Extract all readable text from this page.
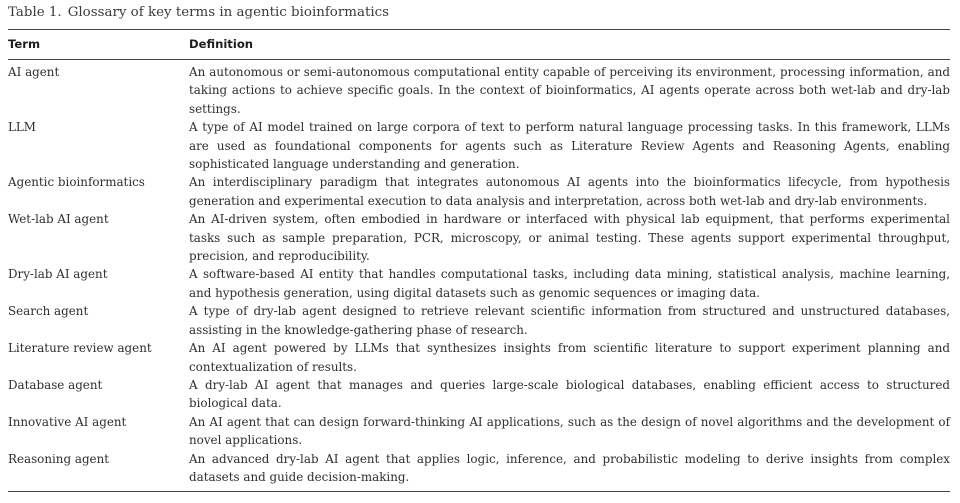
Table 1. Glossary of key terms in agentic bioinformatics
Term	Definition
AI agent	An autonomous or semi-autonomous computational entity capable of perceiving its environment, processing information, and taking actions to achieve specific goals. In the context of bioinformatics, AI agents operate across both wet-lab and dry-lab settings.
LLM	A type of AI model trained on large corpora of text to perform natural language processing tasks. In this framework, LLMs are used as foundational components for agents such as Literature Review Agents and Reasoning Agents, enabling sophisticated language understanding and generation.
Agentic bioinformatics	An interdisciplinary paradigm that integrates autonomous AI agents into the bioinformatics lifecycle, from hypothesis generation and experimental execution to data analysis and interpretation, across both wet-lab and dry-lab environments.
Wet-lab AI agent	An AI-driven system, often embodied in hardware or interfaced with physical lab equipment, that performs experimental tasks such as sample preparation, PCR, microscopy, or animal testing. These agents support experimental throughput, precision, and reproducibility.
Dry-lab AI agent	A software-based AI entity that handles computational tasks, including data mining, statistical analysis, machine learning, and hypothesis generation, using digital datasets such as genomic sequences or imaging data.
Search agent	A type of dry-lab agent designed to retrieve relevant scientific information from structured and unstructured databases, assisting in the knowledge-gathering phase of research.
Literature review agent	An AI agent powered by LLMs that synthesizes insights from scientific literature to support experiment planning and contextualization of results.
Database agent	A dry-lab AI agent that manages and queries large-scale biological databases, enabling efficient access to structured biological data.
Innovative AI agent	An AI agent that can design forward-thinking AI applications, such as the design of novel algorithms and the development of novel applications.
Reasoning agent	An advanced dry-lab AI agent that applies logic, inference, and probabilistic modeling to derive insights from complex datasets and guide decision-making.
